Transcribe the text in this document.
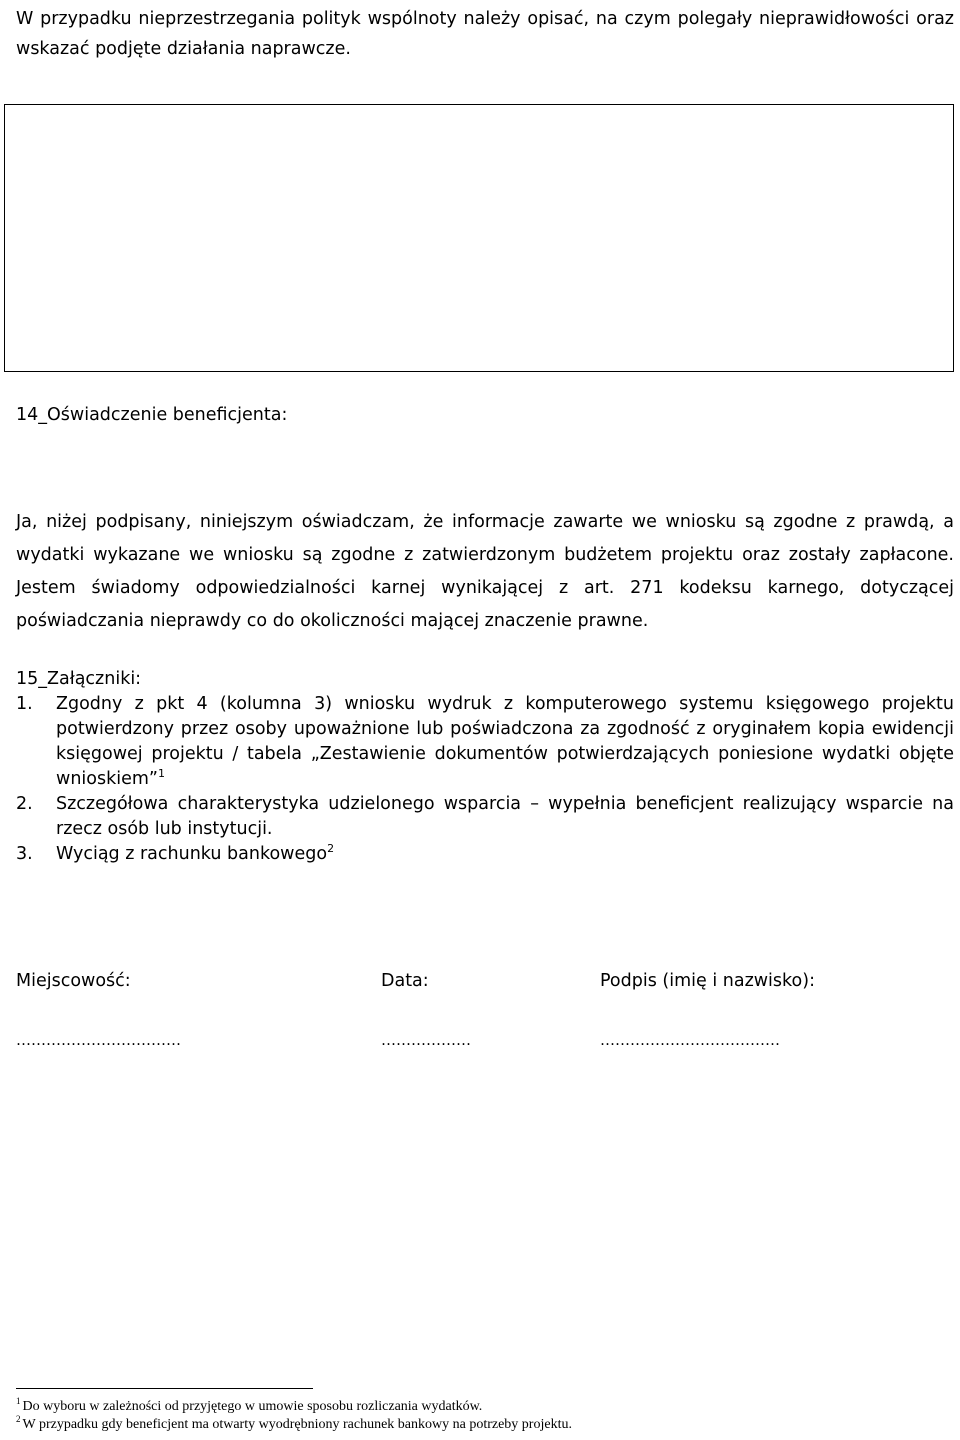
W przypadku nieprzestrzegania polityk wspólnoty należy opisać, na czym polegały nieprawidłowości oraz wskazać podjęte działania naprawcze.

14_Oświadczenie beneficjenta:

Ja, niżej podpisany, niniejszym oświadczam, że informacje zawarte we wniosku są zgodne z prawdą, a wydatki wykazane we wniosku są zgodne z zatwierdzonym budżetem projektu oraz zostały zapłacone. Jestem świadomy odpowiedzialności karnej wynikającej z art. 271 kodeksu karnego, dotyczącej poświadczania nieprawdy co do okoliczności mającej znaczenie prawne.

15_Załączniki:

1. Zgodny z pkt 4 (kolumna 3) wniosku wydruk z komputerowego systemu księgowego projektu potwierdzony przez osoby upoważnione lub poświadczona za zgodność z oryginałem kopia ewidencji księgowej projektu / tabela „Zestawienie dokumentów potwierdzających poniesione wydatki objęte wnioskiem”$^1$
2. Szczegółowa charakterystyka udzielonego wsparcia – wypełnia beneficjent realizujący wsparcie na rzecz osób lub instytucji.
3. Wyciąg z rachunku bankowego$^2$

Miejscowość:	Data:	Podpis (imię i nazwisko):

……………………………	………………	………………………………

$^1$ Do wyboru w zależności od przyjętego w umowie sposobu rozliczania wydatków.

$^2$ W przypadku gdy beneficjent ma otwarty wyodrębniony rachunek bankowy na potrzeby projektu.
